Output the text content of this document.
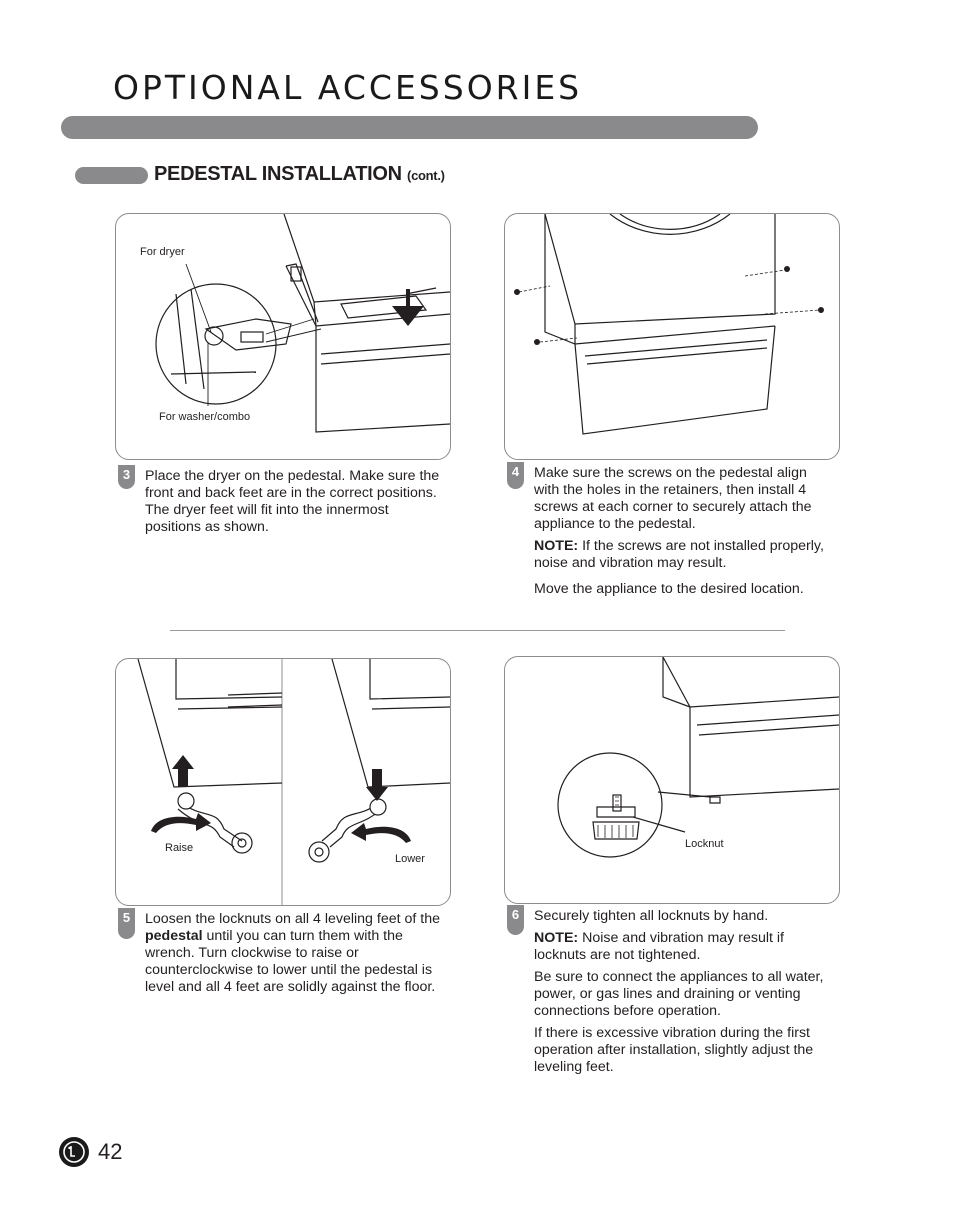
OPTIONAL ACCESSORIES
PEDESTAL INSTALLATION (cont.)
For dryer
For washer/combo
3	Place the dryer on the pedestal. Make sure the front and back feet are in the correct positions. The dryer feet will fit into the innermost positions as shown.

4	Make sure the screws on the pedestal align with the holes in the retainers, then install 4 screws at each corner to securely attach the appliance to the pedestal.

NOTE: If the screws are not installed properly, noise and vibration may result.

Move the appliance to the desired location.

Raise
Lower
5	Loosen the locknuts on all 4 leveling feet of the pedestal until you can turn them with the wrench. Turn clockwise to raise or counterclockwise to lower until the pedestal is level and all 4 feet are solidly against the floor.

Locknut
6	Securely tighten all locknuts by hand.

NOTE: Noise and vibration may result if locknuts are not tightened.

Be sure to connect the appliances to all water, power, or gas lines and draining or venting connections before operation.

If there is excessive vibration during the first operation after installation, slightly adjust the leveling feet.

42
